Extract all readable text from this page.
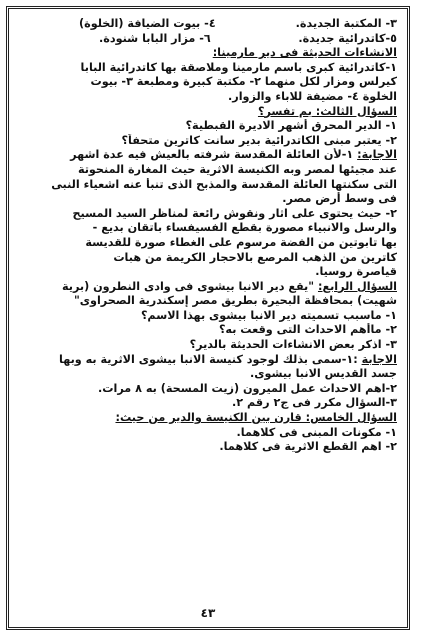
٣- المكتبة الجديدة.
٤- بيوت الضيافة (الخلوة)
٥-كاتدرائية جديدة.
٦- مزار البابا شنودة.
الانشاءات الحديثة فى دير مارمينا:
١-كاتدرائية كبرى باسم مارمينا وملاصقة بها كاتدرائية البابا
كيرلس ومزار لكل منهما ٢- مكتبة كبيرة ومطبعة ٣- بيوت
الخلوة ٤- مضيفة للاباء والزوار.
السؤال الثالث: بم تفسر؟
١- الدير المحرق أشهر الاديرة القبطية؟
٢- يعتبر مبنى الكاتدرائية بدير سانت كاترين متحفاً؟
الاجابة: ١-لأن العائلة المقدسة شرفته بالعيش فيه عدة اشهر
عند مجيئها لمصر وبه الكنيسة الاثرية حيث المغارة المنحوتة
التى سكنتها العائلة المقدسة والمذبح الذى تنبأ عنه اشعياء النبى
فى وسط أرض مصر.
٢- حيث يحتوى على اثار ونقوش رائعة لمناظر السيد المسيح
والرسل والانبياء مصورة بقطع الفسيفساء باتقان بديع -
بها تابوتين من الفضة مرسوم على الغطاء صورة للقديسة
كاترين من الذهب المرصع بالاحجار الكريمة من هبات
قياصرة روسيا.
السؤال الرابع: "يقع دير الانبا بيشوى فى وادى النطرون (برية
شهيت) بمحافظة البحيرة بطريق مصر إسكندرية الصحراوى"
١- ماسبب تسميته دير الانبا بيشوى بهذا الاسم؟
٢- ماأهم الاحداث التى وقعت به؟
٣- اذكر بعض الانشاءات الحديثة بالدير؟
الاجابة :١-سمى بذلك لوجود كنيسة الانبا بيشوى الاثرية به وبها
جسد القديس الانبا بيشوى.
٢-اهم الاحداث عمل الميرون (زيت المسحة) به ٨ مرات.
٣-السؤال مكرر فى ج٢ رقم ٢.
السؤال الخامس: قارن بين الكنيسة والدير من حيث:
١- مكونات المبنى فى كلاهما.
٢- اهم القطع الاثرية فى كلاهما.
٤٣
